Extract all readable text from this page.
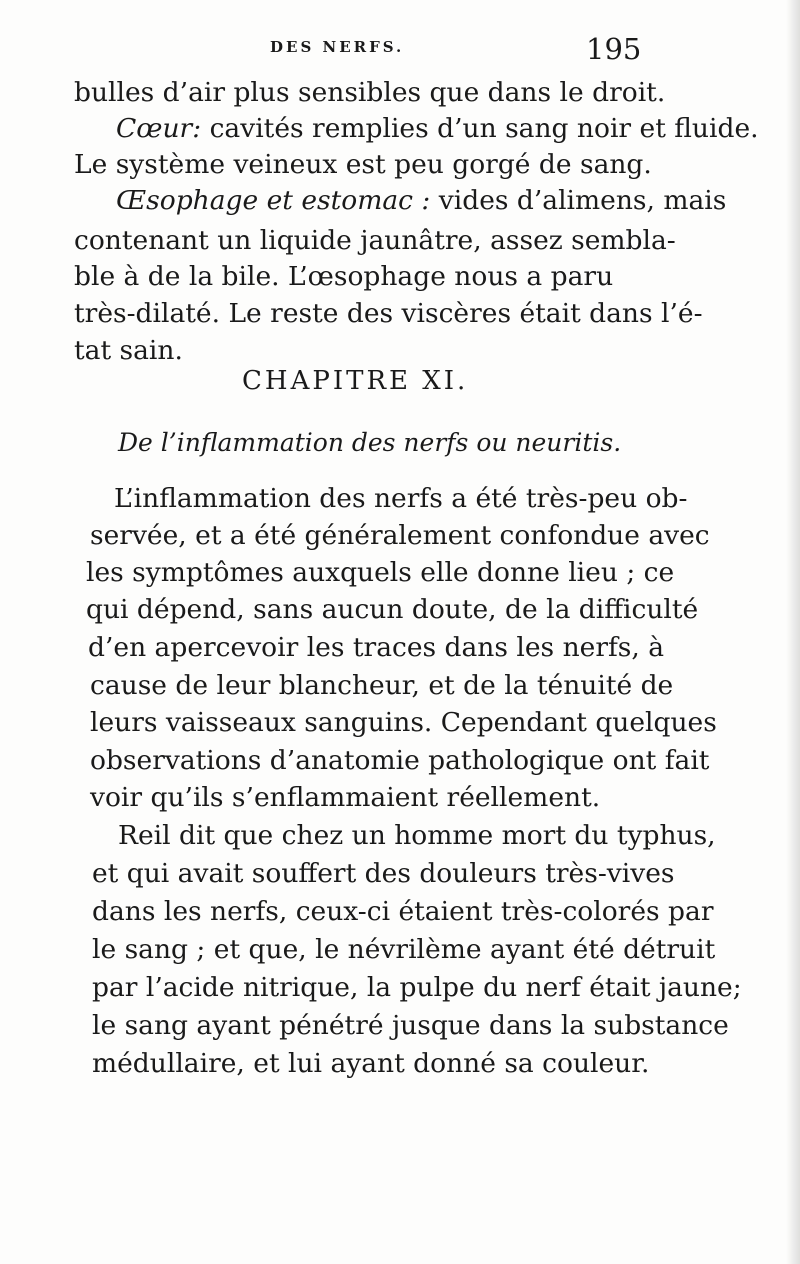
DES NERFS.	195
bulles d’air plus sensibles que dans le droit.
Cœur: cavités remplies d’un sang noir et fluide.
Le système veineux est peu gorgé de sang.
Œsophage et estomac : vides d’alimens, mais
contenant un liquide jaunâtre, assez sembla-
ble à de la bile. L’œsophage nous a paru
très-dilaté. Le reste des viscères était dans l’é-
tat sain.
CHAPITRE XI.
De l’inflammation des nerfs ou neuritis.
L’inflammation des nerfs a été très-peu ob-
servée, et a été généralement confondue avec
les symptômes auxquels elle donne lieu ; ce
qui dépend, sans aucun doute, de la difficulté
d’en apercevoir les traces dans les nerfs, à
cause de leur blancheur, et de la ténuité de
leurs vaisseaux sanguins. Cependant quelques
observations d’anatomie pathologique ont fait
voir qu’ils s’enflammaient réellement.
Reil dit que chez un homme mort du typhus,
et qui avait souffert des douleurs très-vives
dans les nerfs, ceux-ci étaient très-colorés par
le sang ; et que, le névrilème ayant été détruit
par l’acide nitrique, la pulpe du nerf était jaune;
le sang ayant pénétré jusque dans la substance
médullaire, et lui ayant donné sa couleur.
